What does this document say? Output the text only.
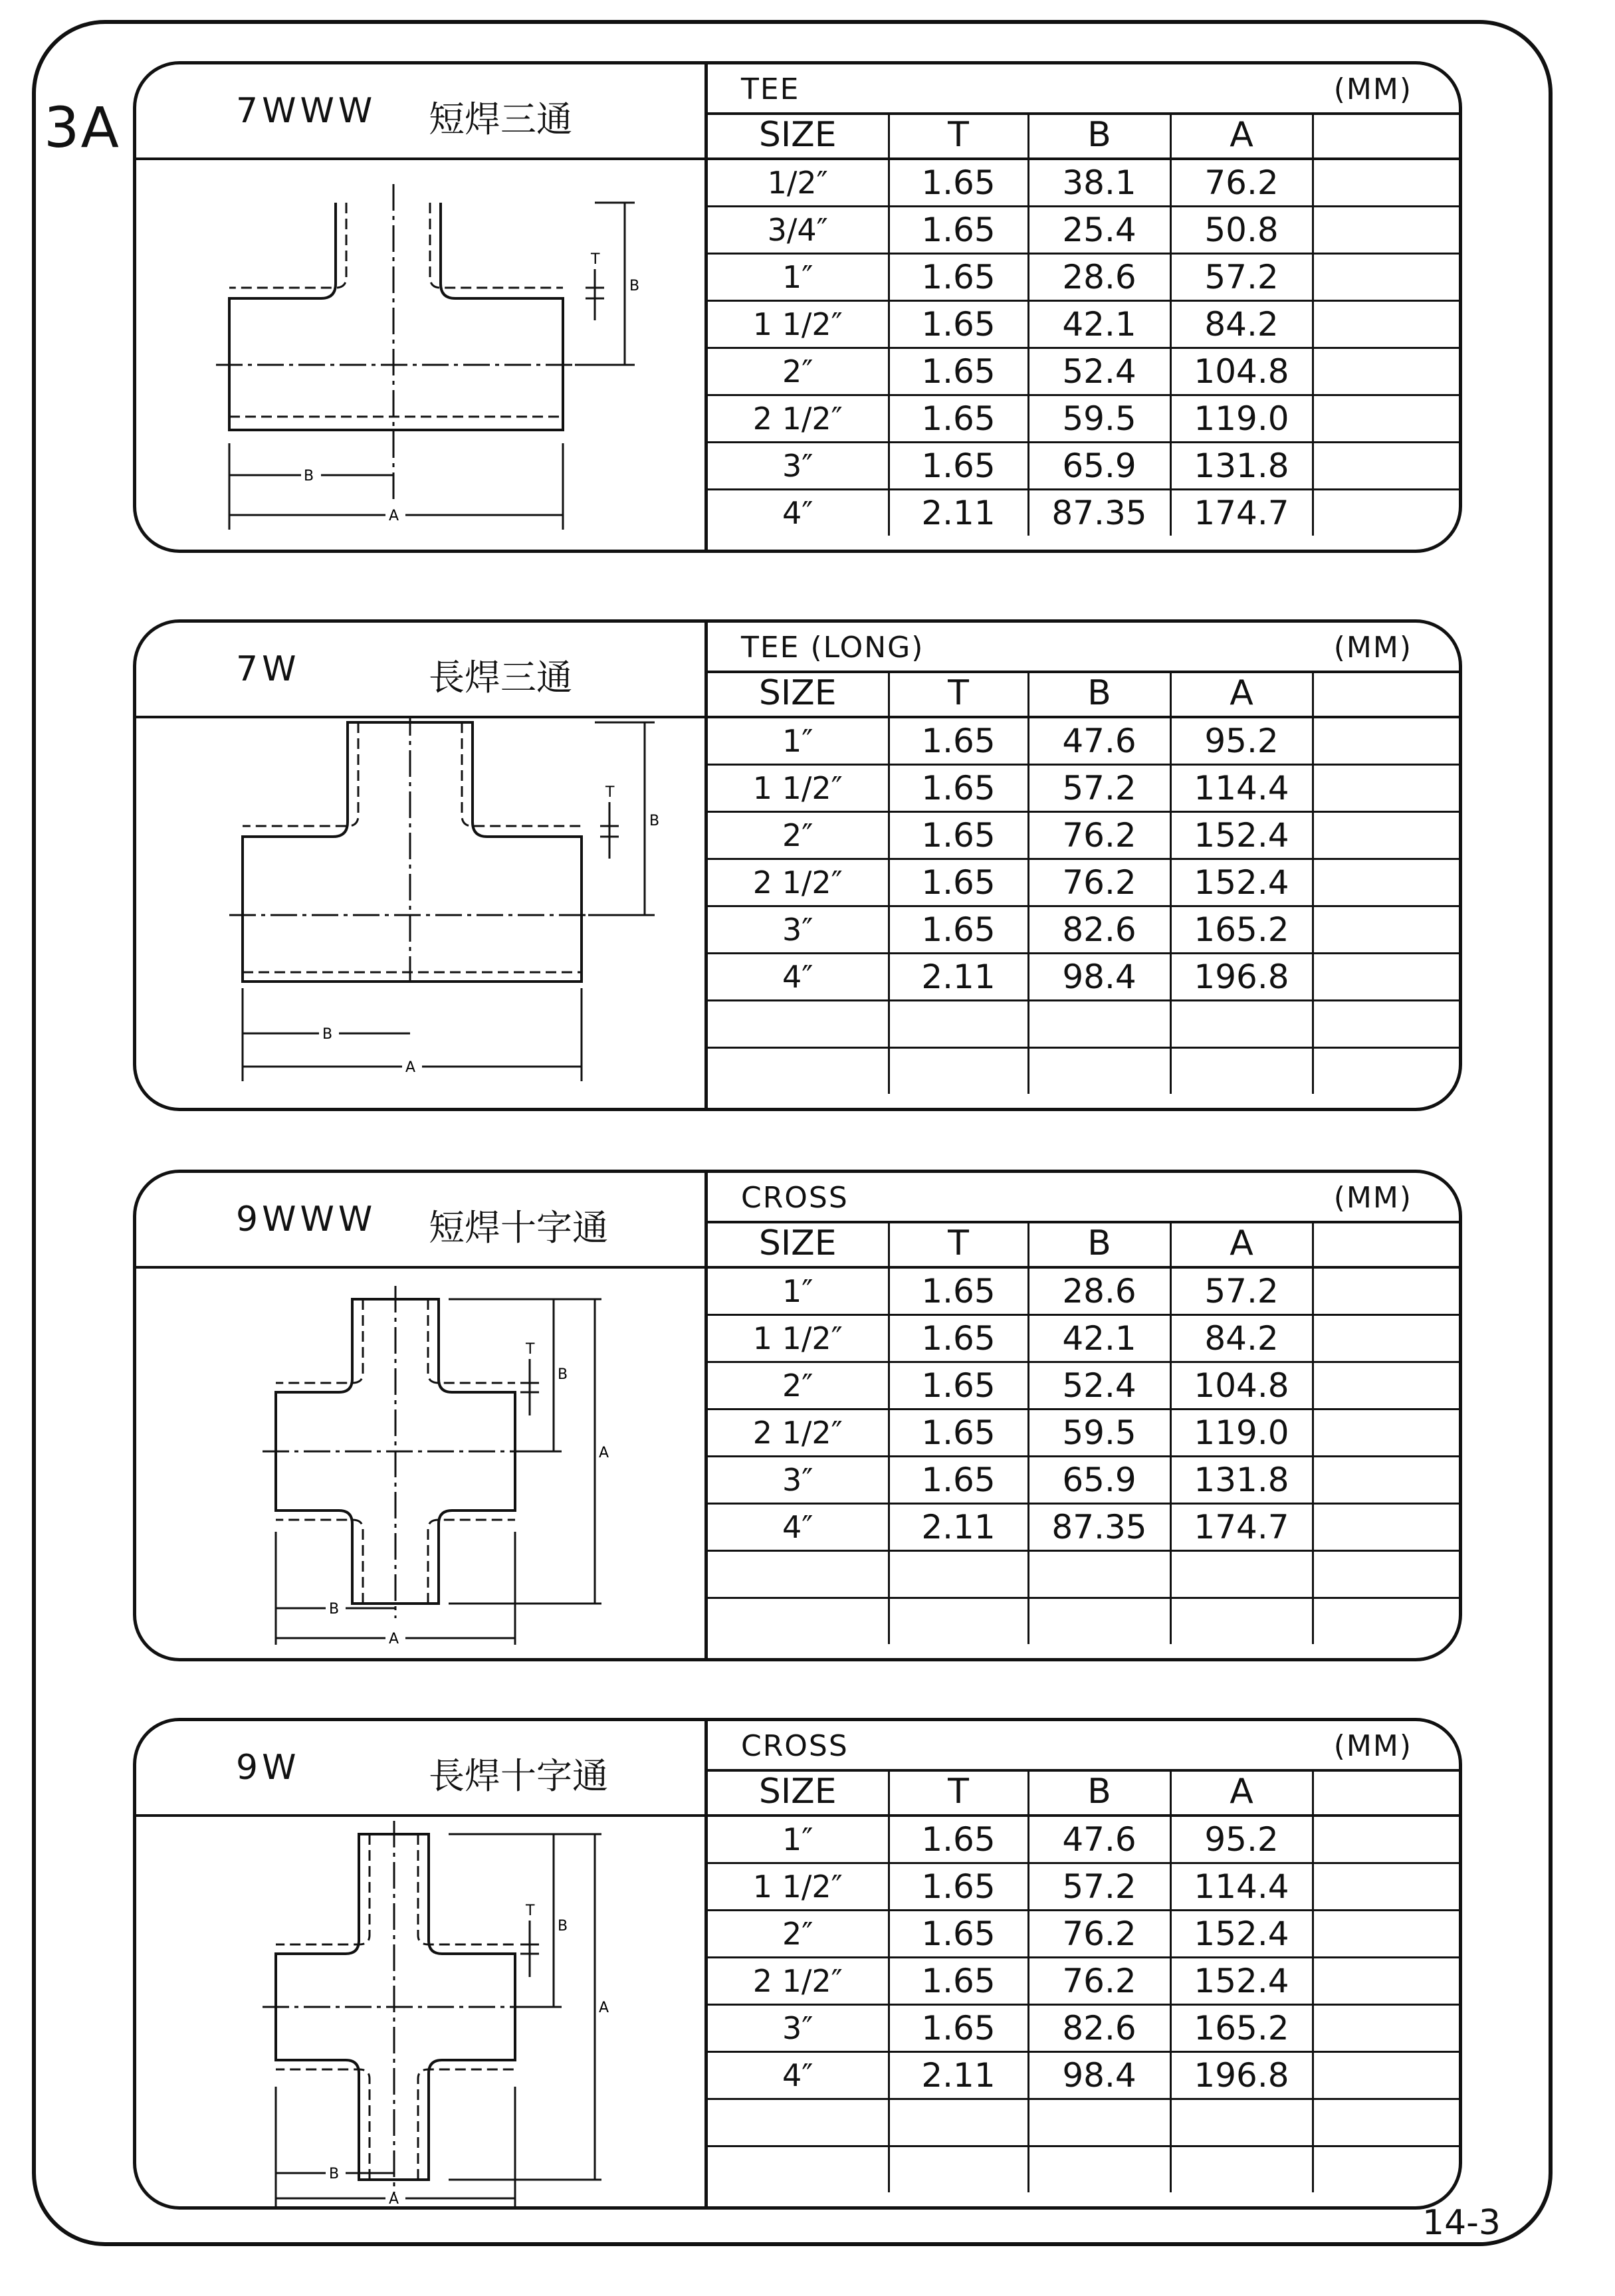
3A	7WWW 短焊三通
T
B
B
A
TEE	(MM)
SIZE	T	B	A	
1/2″	1.65	38.1	76.2	
3/4″	1.65	25.4	50.8	
1″	1.65	28.6	57.2	
1 1/2″	1.65	42.1	84.2	
2″	1.65	52.4	104.8	
2 1/2″	1.65	59.5	119.0	
3″	1.65	65.9	131.8	
4″	2.11	87.35	174.7	
7W	長焊三通
T
B
B
A
TEE (LONG)	(MM)
SIZE	T	B	A	
1″	1.65	47.6	95.2	
1 1/2″	1.65	57.2	114.4	
2″	1.65	76.2	152.4	
2 1/2″	1.65	76.2	152.4	
3″	1.65	82.6	165.2	
4″	2.11	98.4	196.8	

9WWW 短焊十字通
T
B
A
B
A
CROSS	(MM)
SIZE	T	B	A	
1″	1.65	28.6	57.2	
1 1/2″	1.65	42.1	84.2	
2″	1.65	52.4	104.8	
2 1/2″	1.65	59.5	119.0	
3″	1.65	65.9	131.8	
4″	2.11	87.35	174.7	

9W	長焊十字通
T
B
A
B
A
CROSS	(MM)
SIZE	T	B	A	
1″	1.65	47.6	95.2	
1 1/2″	1.65	57.2	114.4	
2″	1.65	76.2	152.4	
2 1/2″	1.65	76.2	152.4	
3″	1.65	82.6	165.2	
4″	2.11	98.4	196.8	

14-3
